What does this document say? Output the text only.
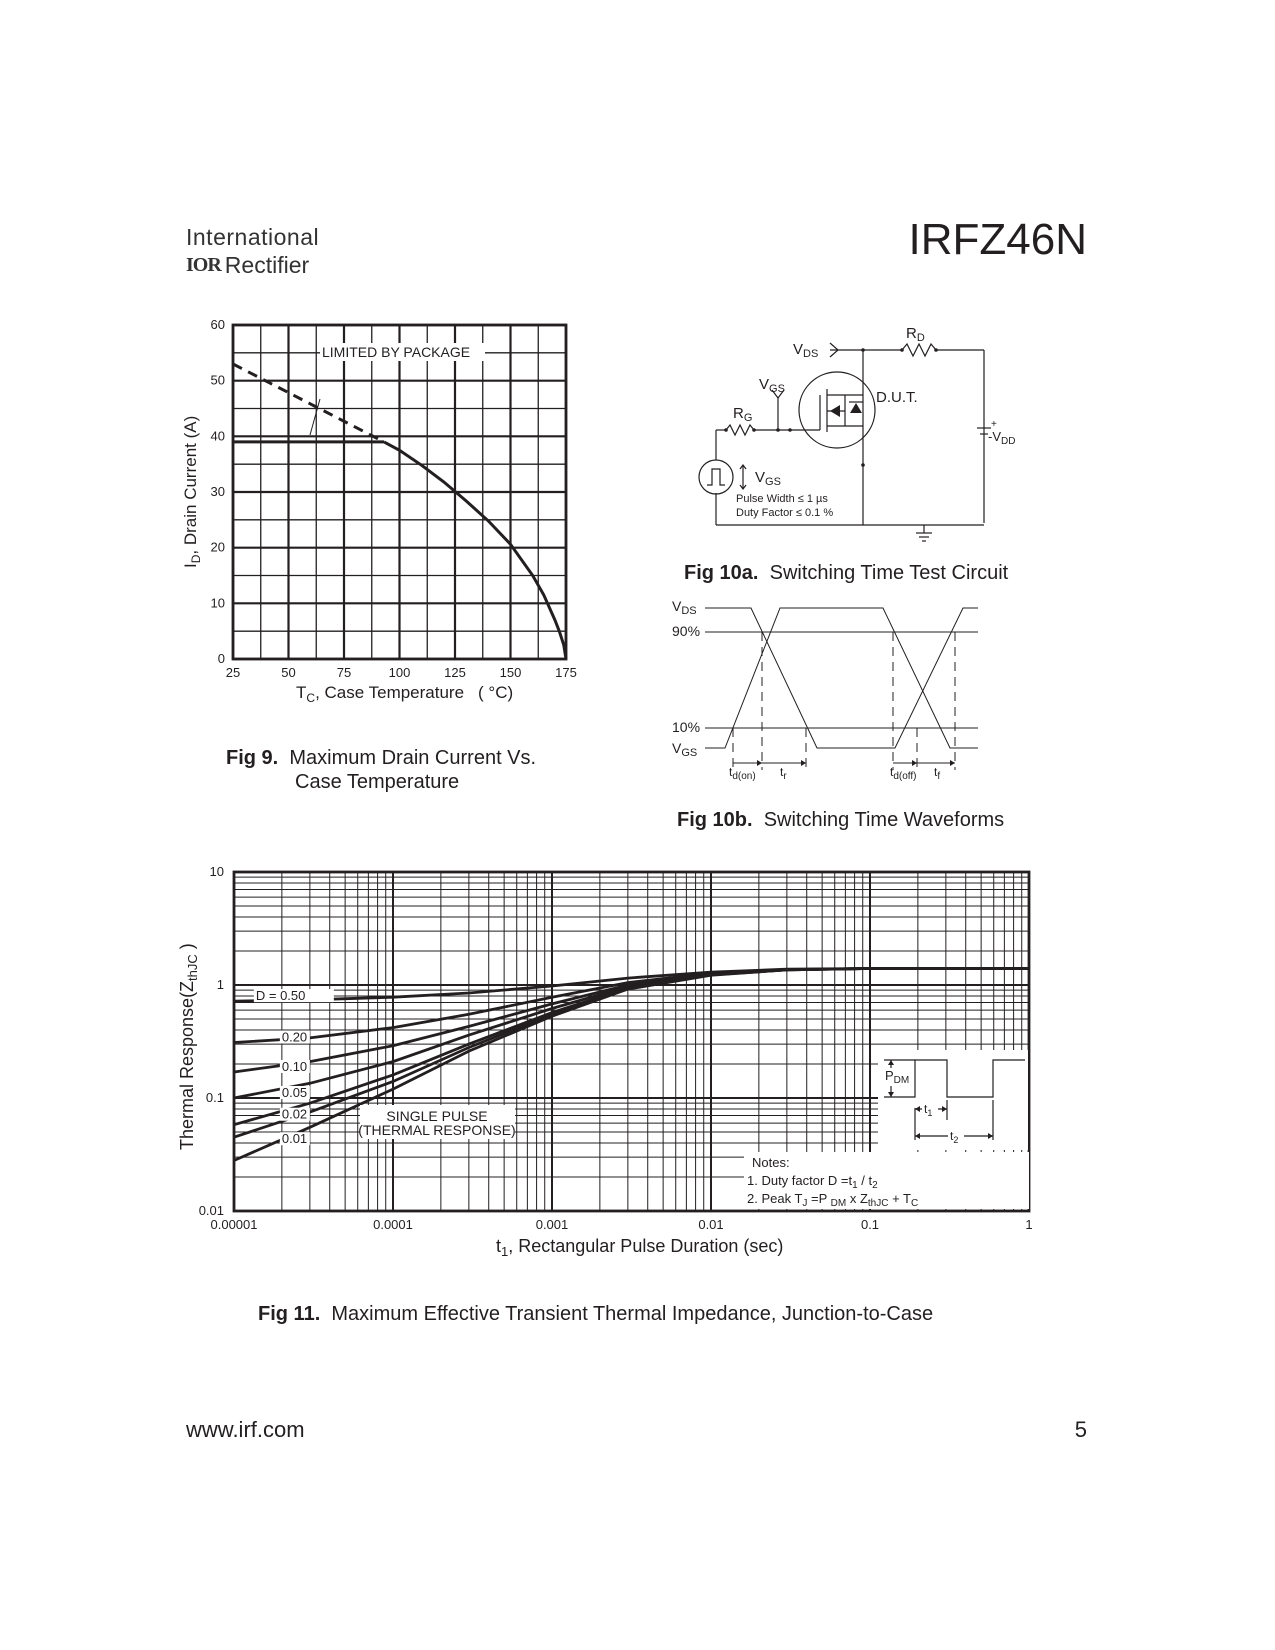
International
IOR Rectifier
IRFZ46N
25	50	75	100	125	150	175
0
10
20
30
40
50
60
LIMITED BY PACKAGE
$T_C$, Case Temperature ( °C)
$I_D$, Drain Current (A)
Fig 9. Maximum Drain Current Vs.
Case Temperature
$V_{DS}$
$R_D$
$V_{GS}$
$R_G$
D.U.T.
+
$-V_{DD}$
$V_{GS}$
Pulse Width ≤ 1 µs
Duty Factor ≤ 0.1 %
Fig 10a. Switching Time Test Circuit
$V_{DS}$
90%
10%
$V_{GS}$
$t_{d(on)}$ $t_r$	$t_{d(off)}$ $t_f$
Fig 10b. Switching Time Waveforms
0.00001	0.0001	0.001	0.01	0.1	1
0.01
0.1
1
10
D = 0.50
0.20
0.10
0.05
0.02
0.01
SINGLE PULSE
(THERMAL RESPONSE)
Notes:
1. Duty factor $D =t_1 / t_2$
2. Peak $T_J =P$ $_{DM}$ x $Z_{thJC} + T_C$
$P_{DM}$
$t_1$
$t_2$
$t_1$, Rectangular Pulse Duration (sec)
Thermal $Response(Z_{thJC}$ )
Fig 11. Maximum Effective Transient Thermal Impedance, Junction-to-Case
www.irf.com	5
